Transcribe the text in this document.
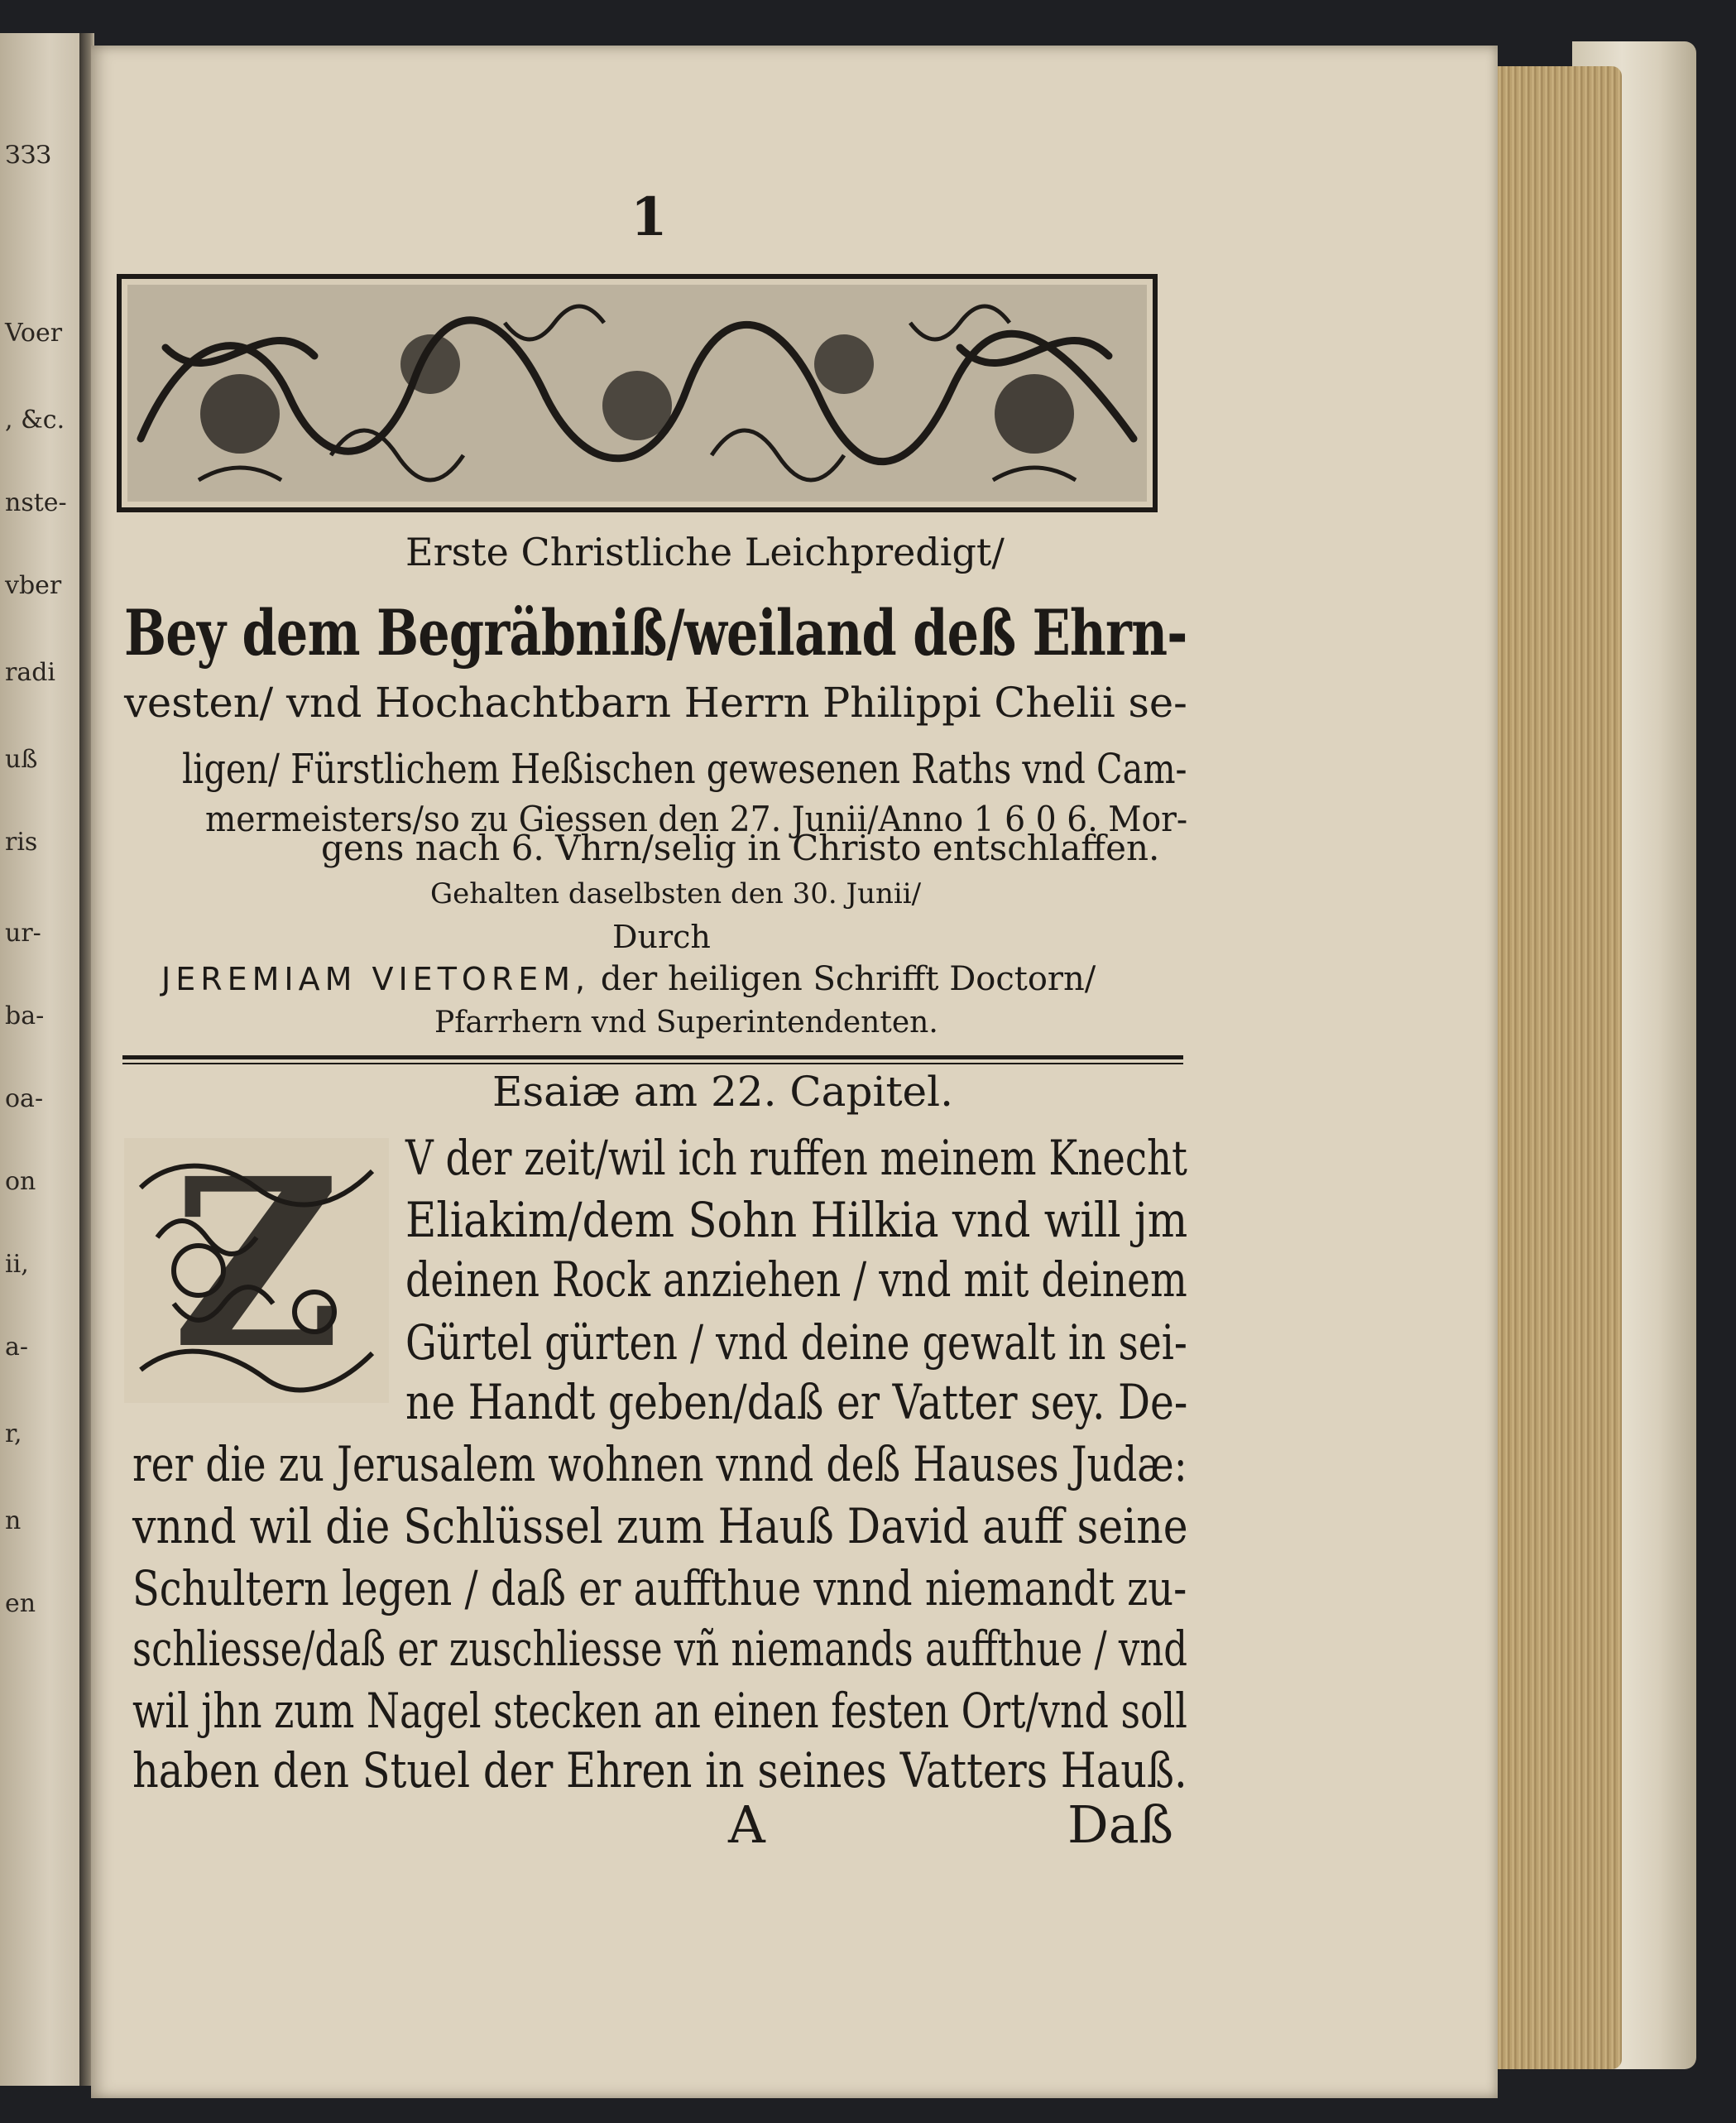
ЗЗЗ
Voer
, &c.
nste-
vber
radi
uß
ris
ur-
ba-
oa-
on
ii,
a-
r,
n
en
1
Erste Christliche Leichpredigt/
Bey dem Begräbniß/weiland deß Ehrn-
vesten/ vnd Hochachtbarn Herrn Philippi Chelii se-
ligen/ Fürstlichem Heßischen gewesenen Raths vnd Cam-
mermeisters/so zu Giessen den 27. Junii/Anno 1 6 0 6. Mor-
gens nach 6. Vhrn/selig in Christo entschlaffen.
Gehalten daselbsten den 30. Junii/
Durch
JEREMIAM VIETOREM, der heiligen Schrifft Doctorn/
Pfarrhern vnd Superintendenten.
Esaiæ am 22. Capitel.
Z V der zeit/wil ich ruffen meinem Knecht
Eliakim/dem Sohn Hilkia vnd will jm
deinen Rock anziehen / vnd mit deinem
Gürtel gürten / vnd deine gewalt in sei-
ne Handt geben/daß er Vatter sey. De-
rer die zu Jerusalem wohnen vnnd deß Hauses Judæ:
vnnd wil die Schlüssel zum Hauß David auff seine
Schultern legen / daß er auffthue vnnd niemandt zu-
schliesse/daß er zuschliesse vñ niemands auffthue / vnd
wil jhn zum Nagel stecken an einen festen Ort/vnd soll
haben den Stuel der Ehren in seines Vatters Hauß.
A	Daß
